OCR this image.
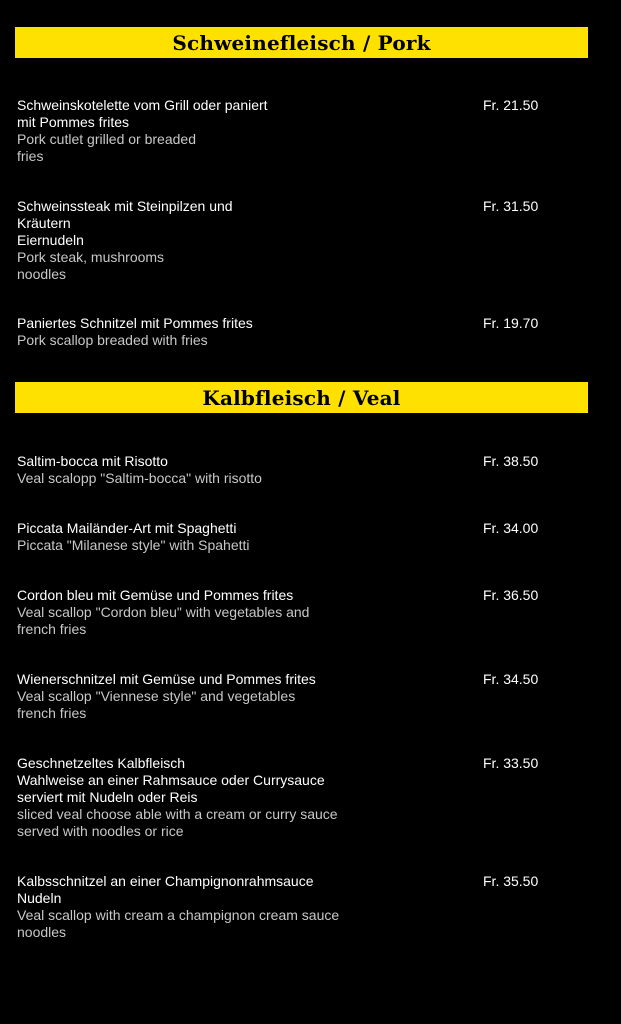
Schweinefleisch / Pork
Schweinskotelette vom Grill oder paniert
mit Pommes frites
Pork cutlet grilled or breaded
fries
Fr. 21.50
Schweinssteak mit Steinpilzen und
Kräutern
Eiernudeln
Pork steak, mushrooms
noodles
Fr. 31.50
Paniertes Schnitzel mit Pommes frites
Pork scallop breaded with fries
Fr. 19.70
Kalbfleisch / Veal
Saltim-bocca mit Risotto
Veal scalopp "Saltim-bocca" with risotto
Fr. 38.50
Piccata Mailänder-Art mit Spaghetti
Piccata "Milanese style" with Spahetti
Fr. 34.00
Cordon bleu mit Gemüse und Pommes frites
Veal scallop "Cordon bleu" with vegetables and
french fries
Fr. 36.50
Wienerschnitzel mit Gemüse und Pommes frites
Veal scallop "Viennese style" and vegetables
french fries
Fr. 34.50
Geschnetzeltes Kalbfleisch
Wahlweise an einer Rahmsauce oder Currysauce
serviert mit Nudeln oder Reis
sliced veal choose able with a cream or curry sauce
served with noodles or rice
Fr. 33.50
Kalbsschnitzel an einer Champignonrahmsauce
Nudeln
Veal scallop with cream a champignon cream sauce
noodles
Fr. 35.50
